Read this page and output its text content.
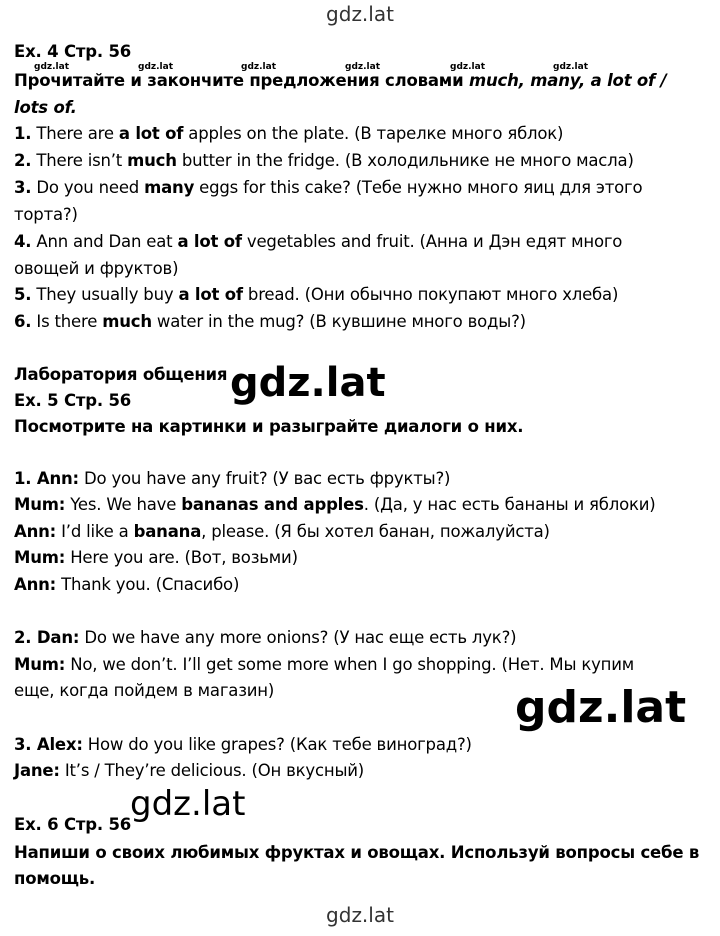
gdz.lat
gdz.lat	gdz.lat	gdz.lat	gdz.lat	gdz.lat	gdz.lat
Ex. 4 Стр. 56
Прочитайте и закончите предложения словами much, many, a lot of /
lots of.
1. There are a lot of apples on the plate. (В тарелке много яблок)
2. There isn’t much butter in the fridge. (В холодильнике не много масла)
3. Do you need many eggs for this cake? (Тебе нужно много яиц для этого
торта?)
4. Ann and Dan eat a lot of vegetables and fruit. (Анна и Дэн едят много
овощей и фруктов)
5. They usually buy a lot of bread. (Они обычно покупают много хлеба)
6. Is there much water in the mug? (В кувшине много воды?)
Лаборатория общения gdz.lat
Ex. 5 Стр. 56
Посмотрите на картинки и разыграйте диалоги о них.
1. Ann: Do you have any fruit? (У вас есть фрукты?)
Mum: Yes. We have bananas and apples. (Да, у нас есть бананы и яблоки)
Ann: I’d like a banana, please. (Я бы хотел банан, пожалуйста)
Mum: Here you are. (Вот, возьми)
Ann: Thank you. (Спасибо)
2. Dan: Do we have any more onions? (У нас еще есть лук?)
Mum: No, we don’t. I’ll get some more when I go shopping. (Нет. Мы купим
еще, когда пойдем в магазин)	gdz.lat
3. Alex: How do you like grapes? (Как тебе виноград?)
Jane: It’s / They’re delicious. (Он вкусный)
gdz.lat
Ex. 6 Стр. 56
Напиши о своих любимых фруктах и овощах. Используй вопросы себе в
помощь.
gdz.lat
